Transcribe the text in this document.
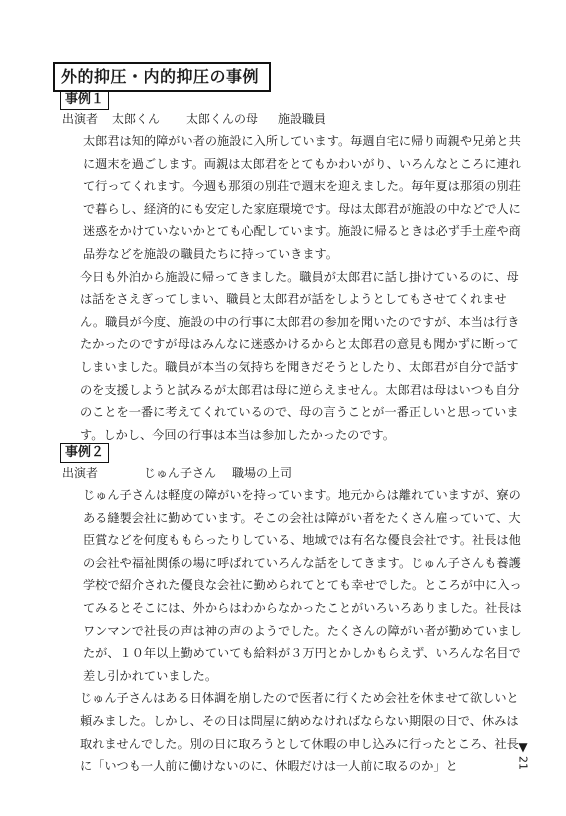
外的抑圧・内的抑圧の事例
事例１
出演者 太郎くん 太郎くんの母 施設職員

太郎君は知的障がい者の施設に入所しています。毎週自宅に帰り両親や兄弟と共に週末を過ごします。両親は太郎君をとてもかわいがり、いろんなところに連れて行ってくれます。今週も那須の別荘で週末を迎えました。毎年夏は那須の別荘で暮らし、経済的にも安定した家庭環境です。母は太郎君が施設の中などで人に迷惑をかけていないかとても心配しています。施設に帰るときは必ず手土産や商品券などを施設の職員たちに持っていきます。

今日も外泊から施設に帰ってきました。職員が太郎君に話し掛けているのに、母は話をさえぎってしまい、職員と太郎君が話をしようとしてもさせてくれません。職員が今度、施設の中の行事に太郎君の参加を聞いたのですが、本当は行きたかったのですが母はみんなに迷惑かけるからと太郎君の意見も聞かずに断ってしまいました。職員が本当の気持ちを聞きだそうとしたり、太郎君が自分で話すのを支援しようと試みるが太郎君は母に逆らえません。太郎君は母はいつも自分のことを一番に考えてくれているので、母の言うことが一番正しいと思っています。しかし、今回の行事は本当は参加したかったのです。

事例２
出演者	じゅん子さん 職場の上司

じゅん子さんは軽度の障がいを持っています。地元からは離れていますが、寮のある縫製会社に勤めています。そこの会社は障がい者をたくさん雇っていて、大臣賞などを何度ももらったりしている、地域では有名な優良会社です。社長は他の会社や福祉関係の場に呼ばれていろんな話をしてきます。じゅん子さんも養護学校で紹介された優良な会社に勤められてとても幸せでした。ところが中に入ってみるとそこには、外からはわからなかったことがいろいろありました。社長はワンマンで社長の声は神の声のようでした。たくさんの障がい者が勤めていましたが、１０年以上勤めていても給料が３万円とかしかもらえず、いろんな名目で差し引かれていました。

じゅん子さんはある日体調を崩したので医者に行くため会社を休ませて欲しいと頼みました。しかし、その日は問屋に納めなければならない期限の日で、休みは取れませんでした。別の日に取ろうとして休暇の申し込みに行ったところ、社長に「いつも一人前に働けないのに、休暇だけは一人前に取るのか」と

▼
21
